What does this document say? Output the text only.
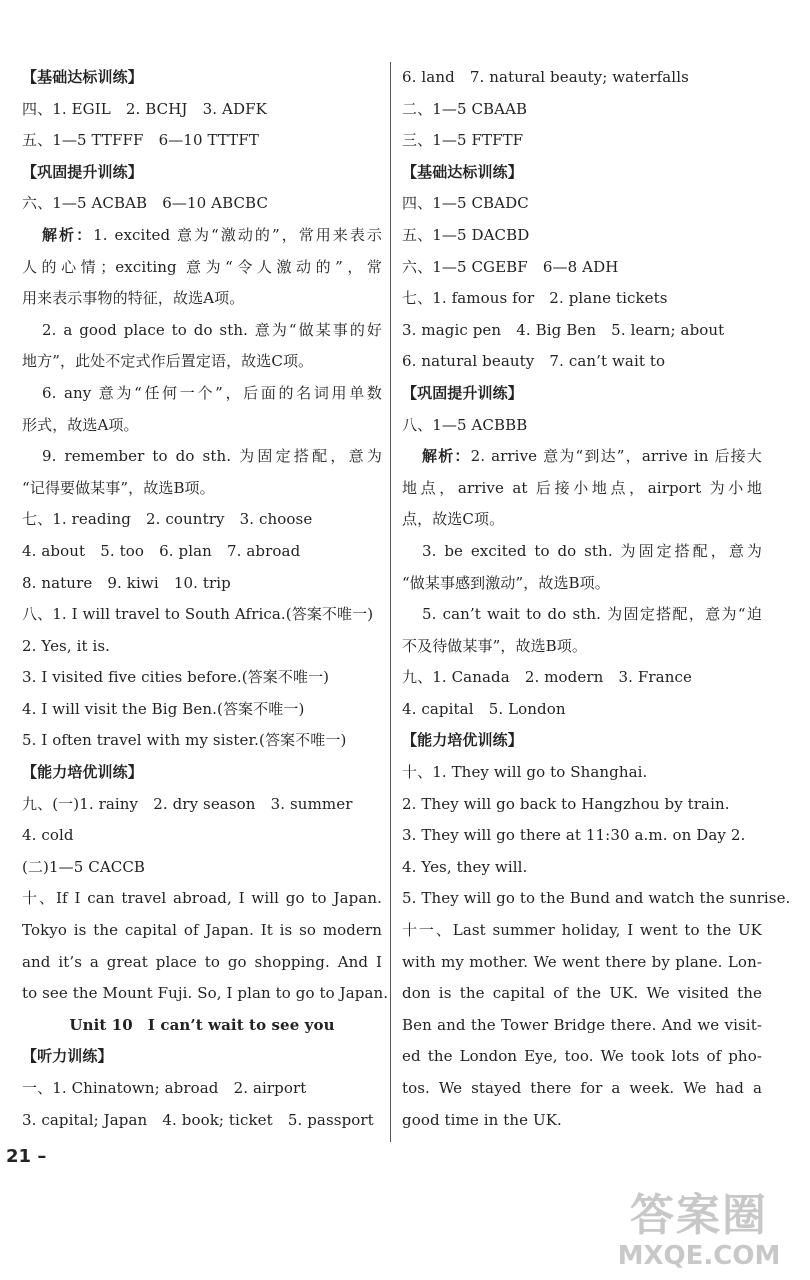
【基础达标训练】
四、1. EGIL　2. BCHJ　3. ADFK
五、1—5 TTFFF　6—10 TTTFT
【巩固提升训练】
六、1—5 ACBAB　6—10 ABCBC
解析：1. excited 意为“激动的”，常用来表示
人的心情；exciting 意为“令人激动的”，常
用来表示事物的特征，故选A项。
2. a good place to do sth. 意为“做某事的好
地方”，此处不定式作后置定语，故选C项。
6. any 意为“任何一个”，后面的名词用单数
形式，故选A项。
9. remember to do sth. 为固定搭配，意为
“记得要做某事”，故选B项。
七、1. reading　2. country　3. choose
4. about　5. too　6. plan　7. abroad
8. nature　9. kiwi　10. trip
八、1. I will travel to South Africa.(答案不唯一)
2. Yes, it is.
3. I visited five cities before.(答案不唯一)
4. I will visit the Big Ben.(答案不唯一)
5. I often travel with my sister.(答案不唯一)
【能力培优训练】
九、(一)1. rainy　2. dry season　3. summer
4. cold
(二)1—5 CACCB
十、If I can travel abroad, I will go to Japan.
Tokyo is the capital of Japan. It is so modern
and it’s a great place to go shopping. And I
to see the Mount Fuji. So, I plan to go to Japan.
Unit 10　I can’t wait to see you
【听力训练】
一、1. Chinatown; abroad　2. airport
3. capital; Japan　4. book; ticket　5. passport
6. land　7. natural beauty; waterfalls
二、1—5 CBAAB
三、1—5 FTFTF
【基础达标训练】
四、1—5 CBADC
五、1—5 DACBD
六、1—5 CGEBF　6—8 ADH
七、1. famous for　2. plane tickets
3. magic pen　4. Big Ben　5. learn; about
6. natural beauty　7. can’t wait to
【巩固提升训练】
八、1—5 ACBBB
解析：2. arrive 意为“到达”，arrive in 后接大
地点，arrive at 后接小地点，airport 为小地
点，故选C项。
3. be excited to do sth. 为固定搭配，意为
“做某事感到激动”，故选B项。
5. can’t wait to do sth. 为固定搭配，意为“迫
不及待做某事”，故选B项。
九、1. Canada　2. modern　3. France
4. capital　5. London
【能力培优训练】
十、1. They will go to Shanghai.
2. They will go back to Hangzhou by train.
3. They will go there at 11:30 a.m. on Day 2.
4. Yes, they will.
5. They will go to the Bund and watch the sunrise.
十一、Last summer holiday, I went to the UK
with my mother. We went there by plane. Lon-
don is the capital of the UK. We visited the
Ben and the Tower Bridge there. And we visit-
ed the London Eye, too. We took lots of pho-
tos. We stayed there for a week. We had a
good time in the UK.
21 –
答案圈
MXQE.COM
